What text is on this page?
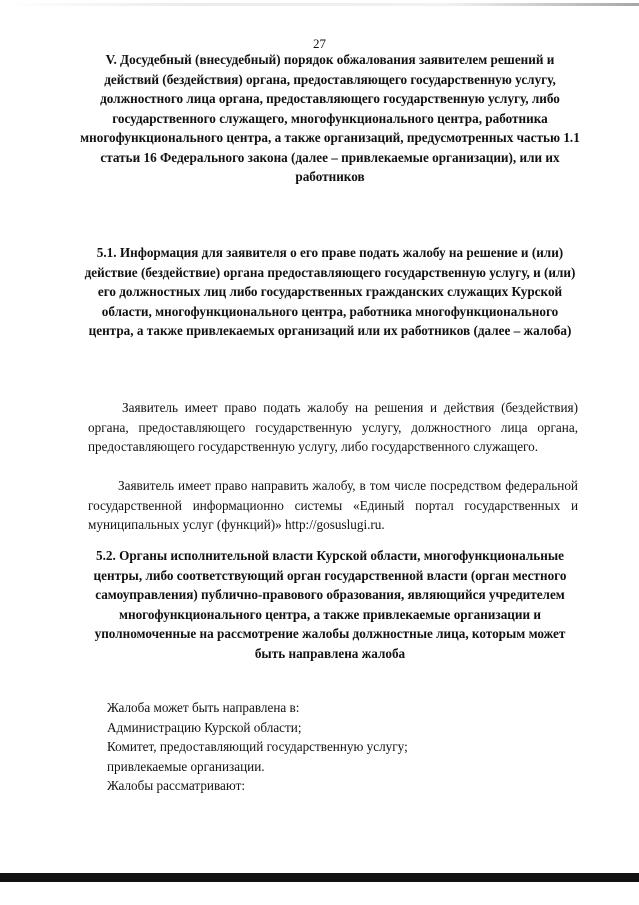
27
V. Досудебный (внесудебный) порядок обжалования заявителем решений и действий (бездействия) органа, предоставляющего государственную услугу, должностного лица органа, предоставляющего государственную услугу, либо государственного служащего, многофункционального центра, работника многофункционального центра, а также организаций, предусмотренных частью 1.1 статьи 16 Федерального закона (далее – привлекаемые организации), или их работников
5.1. Информация для заявителя о его праве подать жалобу на решение и (или) действие (бездействие) органа предоставляющего государственную услугу, и (или) его должностных лиц либо государственных гражданских служащих Курской области, многофункционального центра, работника многофункционального центра, а также привлекаемых организаций или их работников (далее – жалоба)
Заявитель имеет право подать жалобу на решения и действия (бездействия) органа, предоставляющего государственную услугу, должностного лица органа, предоставляющего государственную услугу, либо государственного служащего.
Заявитель имеет право направить жалобу, в том числе посредством федеральной государственной информационно системы «Единый портал государственных и муниципальных услуг (функций)» http://gosuslugi.ru.
5.2. Органы исполнительной власти Курской области, многофункциональные центры, либо соответствующий орган государственной власти (орган местного самоуправления) публично-правового образования, являющийся учредителем многофункционального центра, а также привлекаемые организации и уполномоченные на рассмотрение жалобы должностные лица, которым может быть направлена жалоба
Жалоба может быть направлена в:
Администрацию Курской области;
Комитет, предоставляющий государственную услугу;
привлекаемые организации.
Жалобы рассматривают:
